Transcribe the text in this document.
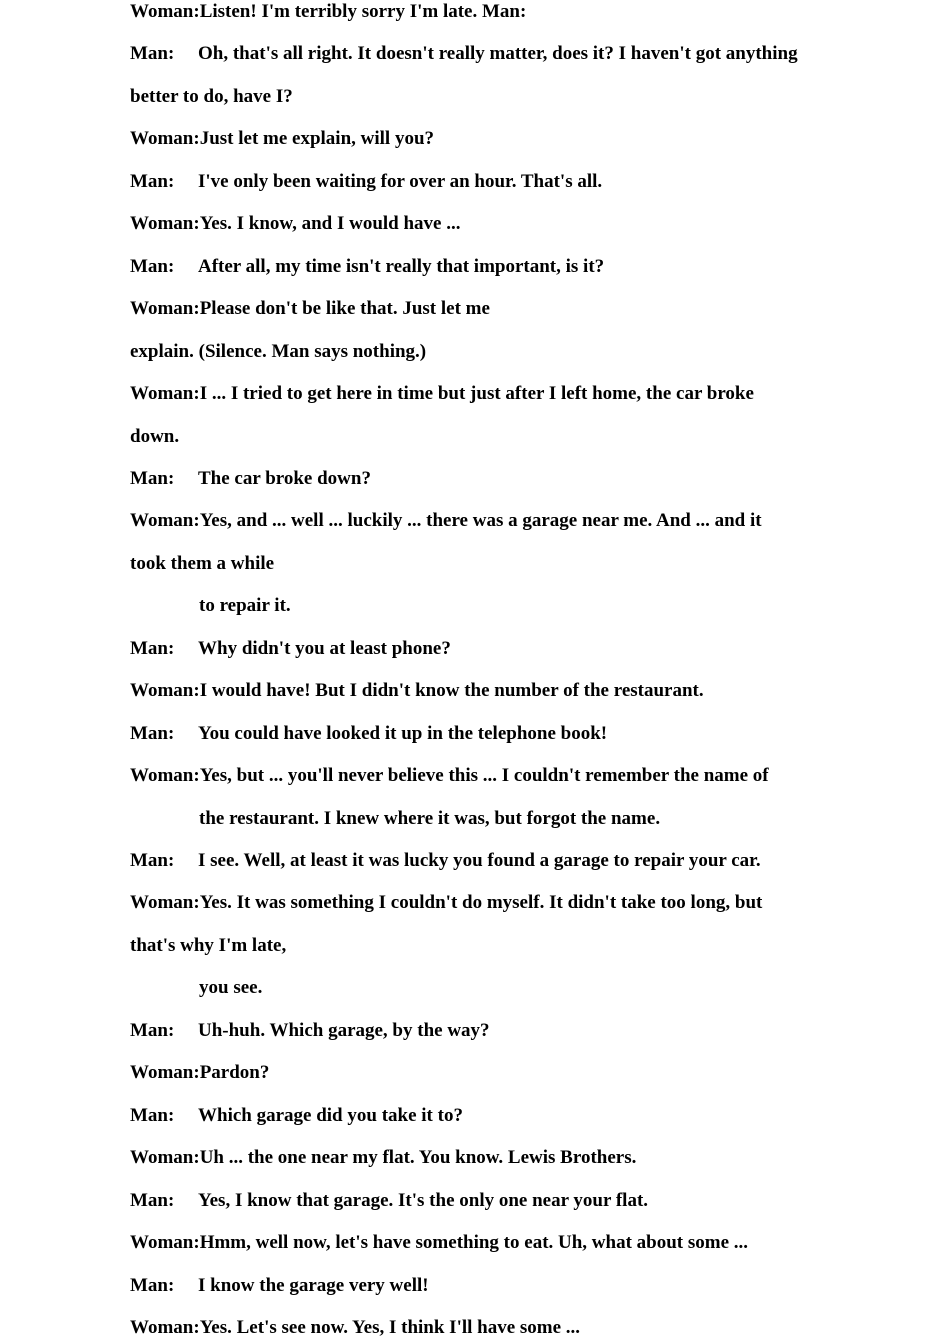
Woman:Listen! I'm terribly sorry I'm late. Man:
Man: Oh, that's all right. It doesn't really matter, does it? I haven't got anything
better to do, have I?
Woman:Just let me explain, will you?
Man: I've only been waiting for over an hour. That's all.
Woman:Yes. I know, and I would have ...
Man: After all, my time isn't really that important, is it?
Woman:Please don't be like that. Just let me
explain. (Silence. Man says nothing.)
Woman:I ... I tried to get here in time but just after I left home, the car broke
down.
Man: The car broke down?
Woman:Yes, and ... well ... luckily ... there was a garage near me. And ... and it
took them a while
to repair it.
Man: Why didn't you at least phone?
Woman:I would have! But I didn't know the number of the restaurant.
Man: You could have looked it up in the telephone book!
Woman:Yes, but ... you'll never believe this ... I couldn't remember the name of
the restaurant. I knew where it was, but forgot the name.
Man: I see. Well, at least it was lucky you found a garage to repair your car.
Woman:Yes. It was something I couldn't do myself. It didn't take too long, but
that's why I'm late,
you see.
Man: Uh-huh. Which garage, by the way?
Woman:Pardon?
Man: Which garage did you take it to?
Woman:Uh ... the one near my flat. You know. Lewis Brothers.
Man: Yes, I know that garage. It's the only one near your flat.
Woman:Hmm, well now, let's have something to eat. Uh, what about some ...
Man: I know the garage very well!
Woman:Yes. Let's see now. Yes, I think I'll have some ...
